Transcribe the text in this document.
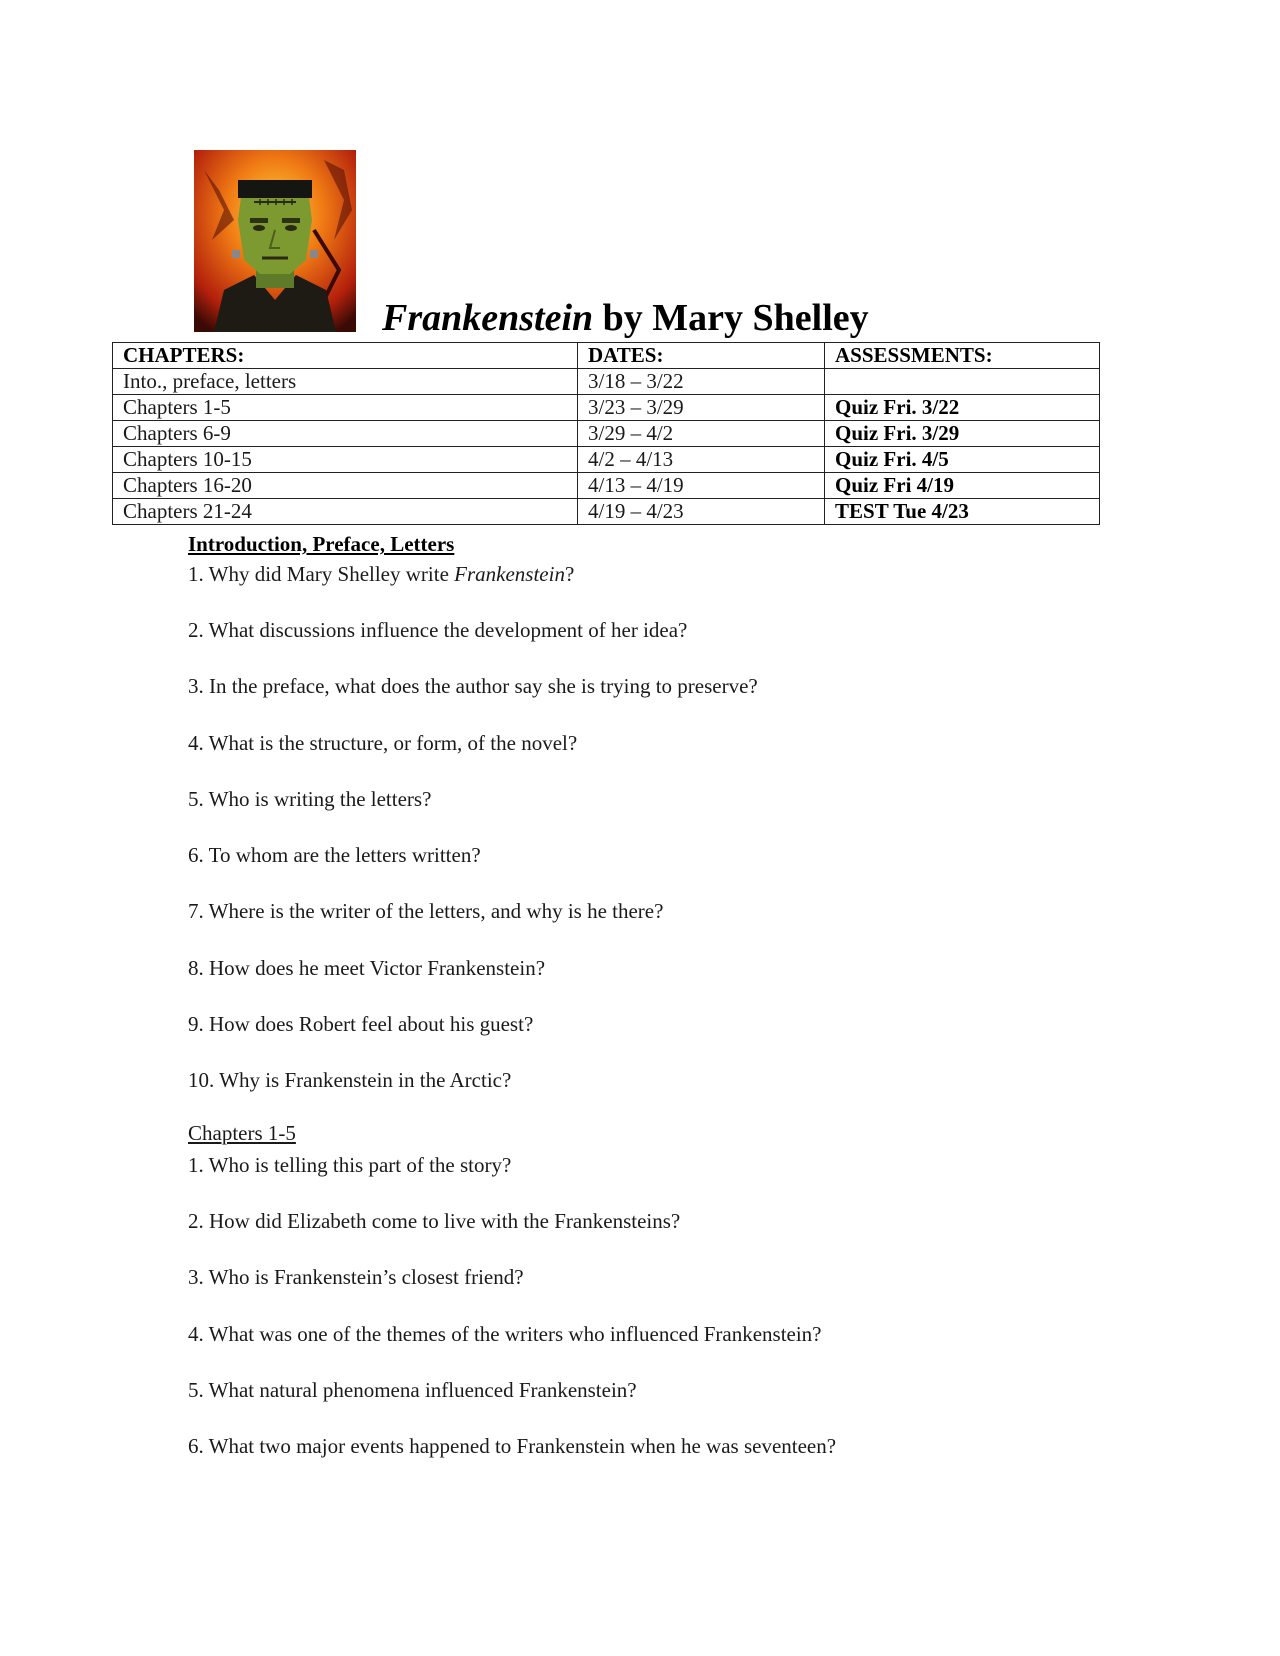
Frankenstein by Mary Shelley
CHAPTERS:	DATES:	ASSESSMENTS:
Into., preface, letters	3/18 – 3/22	
Chapters 1-5	3/23 – 3/29	Quiz Fri. 3/22
Chapters 6-9	3/29 – 4/2	Quiz Fri. 3/29
Chapters 10-15	4/2 – 4/13	Quiz Fri. 4/5
Chapters 16-20	4/13 – 4/19	Quiz Fri 4/19
Chapters 21-24	4/19 – 4/23	TEST Tue 4/23
Introduction, Preface, Letters
1. Why did Mary Shelley write Frankenstein?
2. What discussions influence the development of her idea?
3. In the preface, what does the author say she is trying to preserve?
4. What is the structure, or form, of the novel?
5. Who is writing the letters?
6. To whom are the letters written?
7. Where is the writer of the letters, and why is he there?
8. How does he meet Victor Frankenstein?
9. How does Robert feel about his guest?
10. Why is Frankenstein in the Arctic?
Chapters 1-5
1. Who is telling this part of the story?
2. How did Elizabeth come to live with the Frankensteins?
3. Who is Frankenstein’s closest friend?
4. What was one of the themes of the writers who influenced Frankenstein?
5. What natural phenomena influenced Frankenstein?
6. What two major events happened to Frankenstein when he was seventeen?
